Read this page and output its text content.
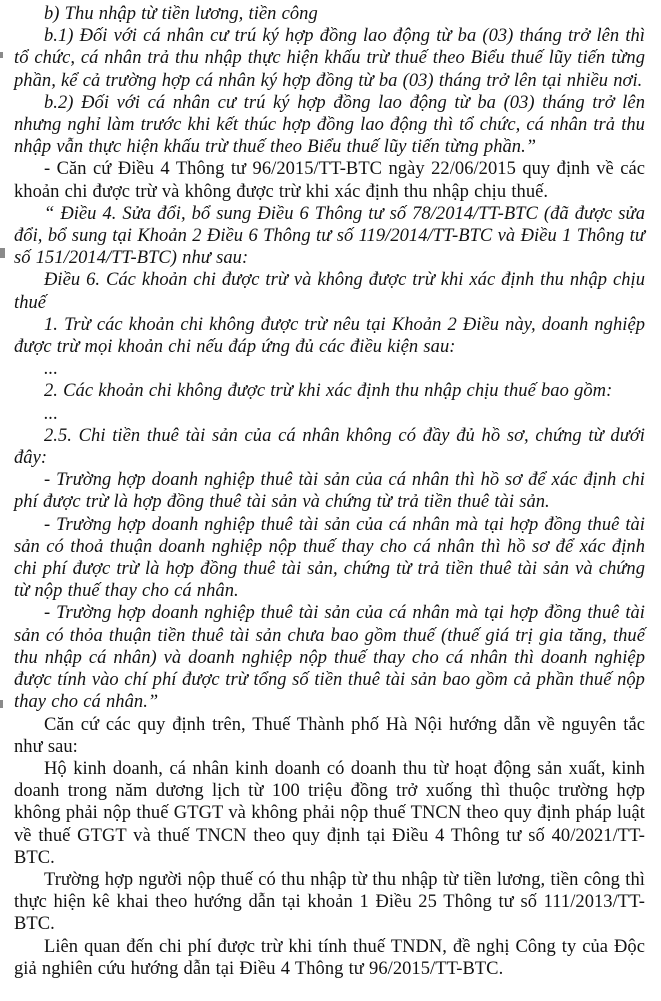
b) Thu nhập từ tiền lương, tiền công

b.1) Đối với cá nhân cư trú ký hợp đồng lao động từ ba (03) tháng trở lên thì tổ chức, cá nhân trả thu nhập thực hiện khấu trừ thuế theo Biểu thuế lũy tiến từng phần, kể cả trường hợp cá nhân ký hợp đồng từ ba (03) tháng trở lên tại nhiều nơi.

b.2) Đối với cá nhân cư trú ký hợp đồng lao động từ ba (03) tháng trở lên nhưng nghỉ làm trước khi kết thúc hợp đồng lao động thì tổ chức, cá nhân trả thu nhập vẫn thực hiện khấu trừ thuế theo Biểu thuế lũy tiến từng phần.”

- Căn cứ Điều 4 Thông tư 96/2015/TT-BTC ngày 22/06/2015 quy định về các khoản chi được trừ và không được trừ khi xác định thu nhập chịu thuế.

“ Điều 4. Sửa đổi, bổ sung Điều 6 Thông tư số 78/2014/TT-BTC (đã được sửa đổi, bổ sung tại Khoản 2 Điều 6 Thông tư số 119/2014/TT-BTC và Điều 1 Thông tư số 151/2014/TT-BTC) như sau:

Điều 6. Các khoản chi được trừ và không được trừ khi xác định thu nhập chịu thuế

1. Trừ các khoản chi không được trừ nêu tại Khoản 2 Điều này, doanh nghiệp được trừ mọi khoản chi nếu đáp ứng đủ các điều kiện sau:

...

2. Các khoản chi không được trừ khi xác định thu nhập chịu thuế bao gồm:

...

2.5. Chi tiền thuê tài sản của cá nhân không có đầy đủ hồ sơ, chứng từ dưới đây:

- Trường hợp doanh nghiệp thuê tài sản của cá nhân thì hồ sơ để xác định chi phí được trừ là hợp đồng thuê tài sản và chứng từ trả tiền thuê tài sản.

- Trường hợp doanh nghiệp thuê tài sản của cá nhân mà tại hợp đồng thuê tài sản có thoả thuận doanh nghiệp nộp thuế thay cho cá nhân thì hồ sơ để xác định chi phí được trừ là hợp đồng thuê tài sản, chứng từ trả tiền thuê tài sản và chứng từ nộp thuế thay cho cá nhân.

- Trường hợp doanh nghiệp thuê tài sản của cá nhân mà tại hợp đồng thuê tài sản có thỏa thuận tiền thuê tài sản chưa bao gồm thuế (thuế giá trị gia tăng, thuế thu nhập cá nhân) và doanh nghiệp nộp thuế thay cho cá nhân thì doanh nghiệp được tính vào chí phí được trừ tổng số tiền thuê tài sản bao gồm cả phần thuế nộp thay cho cá nhân.”

Căn cứ các quy định trên, Thuế Thành phố Hà Nội hướng dẫn về nguyên tắc như sau:

Hộ kinh doanh, cá nhân kinh doanh có doanh thu từ hoạt động sản xuất, kinh doanh trong năm dương lịch từ 100 triệu đồng trở xuống thì thuộc trường hợp không phải nộp thuế GTGT và không phải nộp thuế TNCN theo quy định pháp luật về thuế GTGT và thuế TNCN theo quy định tại Điều 4 Thông tư số 40/2021/TT-BTC.

Trường hợp người nộp thuế có thu nhập từ thu nhập từ tiền lương, tiền công thì thực hiện kê khai theo hướng dẫn tại khoản 1 Điều 25 Thông tư số 111/2013/TT-BTC.

Liên quan đến chi phí được trừ khi tính thuế TNDN, đề nghị Công ty của Độc giả nghiên cứu hướng dẫn tại Điều 4 Thông tư 96/2015/TT-BTC.
